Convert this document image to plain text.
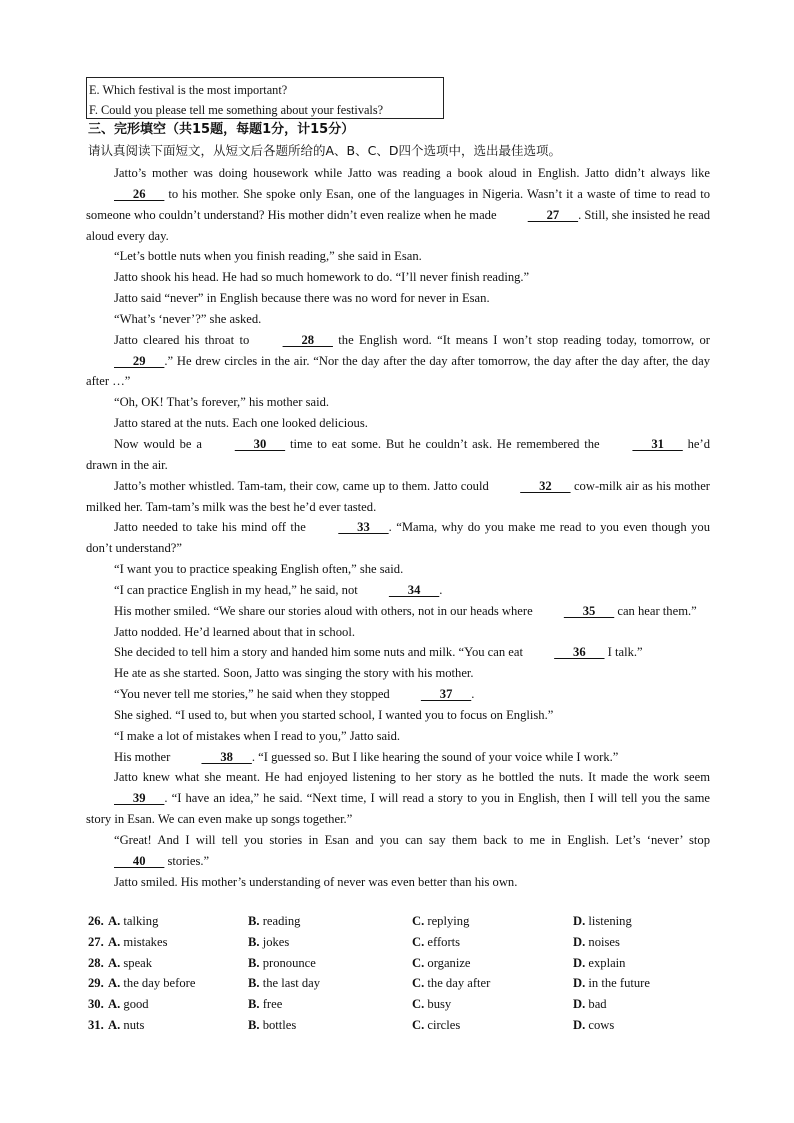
E. Which festival is the most important?
F. Could you please tell me something about your festivals?
三、完形填空（共15题，每题1分，计15分）
请认真阅读下面短文，从短文后各题所给的A、B、C、D四个选项中，选出最佳选项。

Jatto’s mother was doing housework while Jatto was reading a book aloud in English. Jatto didn’t always like    26    to his mother. She spoke only Esan, one of the languages in Nigeria. Wasn’t it a waste of time to read to someone who couldn’t understand? His mother didn’t even realize when he made    27   . Still, she insisted he read aloud every day.

“Let’s bottle nuts when you finish reading,” she said in Esan.

Jatto shook his head. He had so much homework to do. “I’ll never finish reading.”

Jatto said “never” in English because there was no word for never in Esan.

“What’s ‘never’?” she asked.

Jatto cleared his throat to    28    the English word. “It means I won’t stop reading today, tomorrow, or    29   .” He drew circles in the air. “Nor the day after the day after tomorrow, the day after the day after, the day after …”

“Oh, OK! That’s forever,” his mother said.

Jatto stared at the nuts. Each one looked delicious.

Now would be a    30    time to eat some. But he couldn’t ask. He remembered the    31    he’d drawn in the air.

Jatto’s mother whistled. Tam-tam, their cow, came up to them. Jatto could    32    cow-milk air as his mother milked her. Tam-tam’s milk was the best he’d ever tasted.

Jatto needed to take his mind off the    33   . “Mama, why do you make me read to you even though you don’t understand?”

“I want you to practice speaking English often,” she said.

“I can practice English in my head,” he said, not    34   .

His mother smiled. “We share our stories aloud with others, not in our heads where    35    can hear them.”

Jatto nodded. He’d learned about that in school.

She decided to tell him a story and handed him some nuts and milk. “You can eat    36    I talk.”

He ate as she started. Soon, Jatto was singing the story with his mother.

“You never tell me stories,” he said when they stopped    37   .

She sighed. “I used to, but when you started school, I wanted you to focus on English.”

“I make a lot of mistakes when I read to you,” Jatto said.

His mother    38   . “I guessed so. But I like hearing the sound of your voice while I work.”

Jatto knew what she meant. He had enjoyed listening to her story as he bottled the nuts. It made the work seem    39   . “I have an idea,” he said. “Next time, I will read a story to you in English, then I will tell you the same story in Esan. We can even make up songs together.”

“Great! And I will tell you stories in Esan and you can say them back to me in English. Let’s ‘never’ stop    40    stories.”

Jatto smiled. His mother’s understanding of never was even better than his own.

26. A. talking	B. reading	C. replying	D. listening
27. A. mistakes	B. jokes	C. efforts	D. noises
28. A. speak	B. pronounce	C. organize	D. explain
29. A. the day before	B. the last day	C. the day after	D. in the future
30. A. good	B. free	C. busy	D. bad
31. A. nuts	B. bottles	C. circles	D. cows
